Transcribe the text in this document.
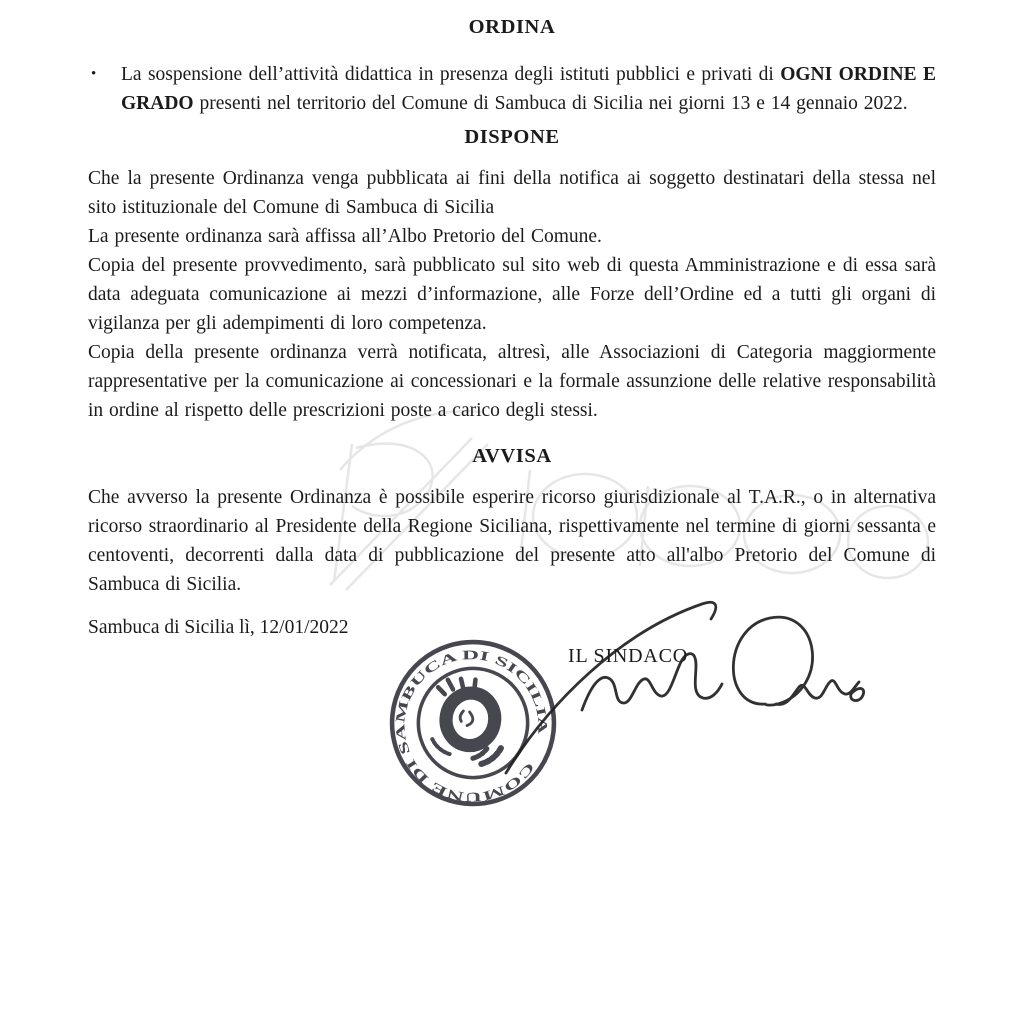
ORDINA
•	La sospensione dell’attività didattica in presenza degli istituti pubblici e privati di OGNI ORDINE E GRADO presenti nel territorio del Comune di Sambuca di Sicilia nei giorni 13 e 14 gennaio 2022.

DISPONE

Che la presente Ordinanza venga pubblicata ai fini della notifica ai soggetto destinatari della stessa nel sito istituzionale del Comune di Sambuca di Sicilia

La presente ordinanza sarà affissa all’Albo Pretorio del Comune.

Copia del presente provvedimento, sarà pubblicato sul sito web di questa Amministrazione e di essa sarà data adeguata comunicazione ai mezzi d’informazione, alle Forze dell’Ordine ed a tutti gli organi di vigilanza per gli adempimenti di loro competenza.

Copia della presente ordinanza verrà notificata, altresì, alle Associazioni di Categoria maggiormente rappresentative per la comunicazione ai concessionari e la formale assunzione delle relative responsabilità in ordine al rispetto delle prescrizioni poste a carico degli stessi.

AVVISA

Che avverso la presente Ordinanza è possibile esperire ricorso giurisdizionale al T.A.R., o in alternativa ricorso straordinario al Presidente della Regione Siciliana, rispettivamente nel termine di giorni sessanta e centoventi, decorrenti dalla data di pubblicazione del presente atto all'albo Pretorio del Comune di Sambuca di Sicilia.

Sambuca di Sicilia lì, 12/01/2022

COMUNE DI SAMBUCA DI SICILIA
IL SINDACO
